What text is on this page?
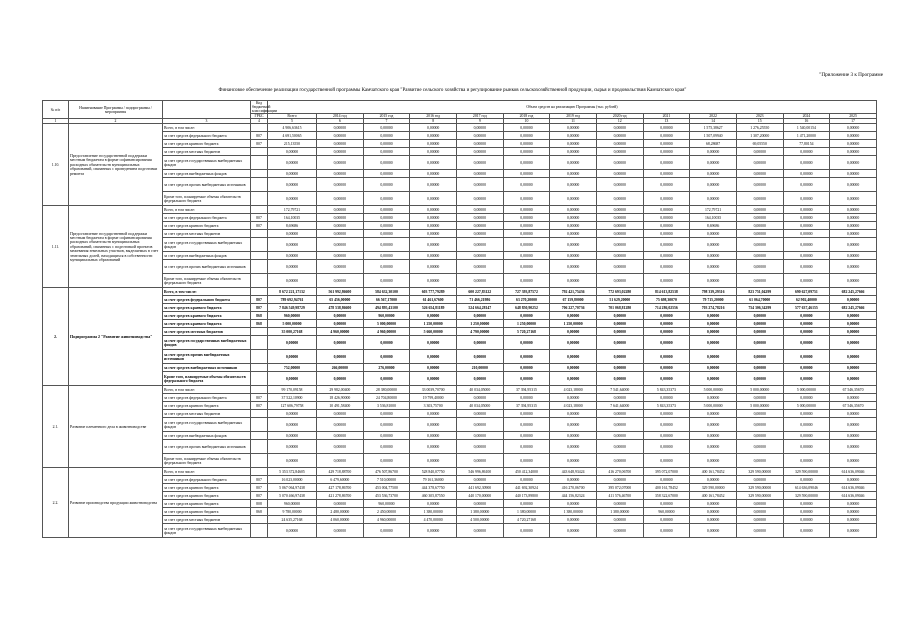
"Приложение 3 к Программе
Финансовое обеспечение реализации государственной программы Камчатского края "Развитие сельского хозяйства и регулирование рынков сельскохозяйственной продукции, сырья и продовольствия Камчатского края"
№ п/п	Наименование Программы / подпрограммы / мероприятия		Код бюджетной классификации	Объем средств на реализацию Программы (тыс. рублей)												
			ГРБС	Всего	2014 год	2015 год	2016 год	2017 год	2018 год	2019 год	2020 год	2021	2022	2023	2024	2025
1	2	3	4	5	6	7	8	9	10	11	12	13	14	15	16	17
1.10.	Предоставление государственной поддержки местным бюджетам в форме софинансирования расходных обязательств муниципальных образований, связанных с проведением подготовки ремонта	Всего, в том числе:		4 906,63615	0,00000	0,00000	0,00000	0,00000	0,00000	0,00000	0,00000	0,00000	1 575,38627	1 276,25550	1 540,00154	0,00000
		за счет средств федерального бюджета	807	4 691,50065	0,00000	0,00000	0,00000	0,00000	0,00000	0,00000	0,00000	0,00000	1 507,09940	1 307,20000	1 471,20000	0,00000
		за счет средств краевого бюджета	807	215,13550	0,00000	0,00000	0,00000	0,00000	0,00000	0,00000	0,00000	0,00000	68,28687	69,05550	77,80154	0,00000
		за счет средств местных бюджетов		0,00000	0,00000	0,00000	0,00000	0,00000	0,00000	0,00000	0,00000	0,00000	0,00000	0,00000	0,00000	0,00000
		за счет средств государственных внебюджетных фондов		0,00000	0,00000	0,00000	0,00000	0,00000	0,00000	0,00000	0,00000	0,00000	0,00000	0,00000	0,00000	0,00000
		за счет средств внебюджетных фондов		0,00000	0,00000	0,00000	0,00000	0,00000	0,00000	0,00000	0,00000	0,00000	0,00000	0,00000	0,00000	0,00000
		за счет средств прочих внебюджетных источников		0,00000	0,00000	0,00000	0,00000	0,00000	0,00000	0,00000	0,00000	0,00000	0,00000	0,00000	0,00000	0,00000
		Кроме того, планируемые объемы обязательств федерального бюджета		0,00000	0,00000	0,00000	0,00000	0,00000	0,00000	0,00000	0,00000	0,00000	0,00000	0,00000	0,00000	0,00000
1.11.	Предоставление государственной поддержки местным бюджетам в форме софинансирования расходных обязательств муниципальных образований, связанных с подготовкой проектов межевания земельных участков, выделяемых в счет земельных долей, находящихся в собственности муниципальных образований	Всего, в том числе:		172,79721	0,00000	0,00000	0,00000	0,00000	0,00000	0,00000	0,00000	0,00000	172,79721	0,00000	0,00000	0,00000
		за счет средств федерального бюджета	807	164,10035	0,00000	0,00000	0,00000	0,00000	0,00000	0,00000	0,00000	0,00000	164,10035	0,00000	0,00000	0,00000
		за счет средств краевого бюджета	807	8,69686	0,00000	0,00000	0,00000	0,00000	0,00000	0,00000	0,00000	0,00000	8,69686	0,00000	0,00000	0,00000
		за счет средств местных бюджетов		0,00000	0,00000	0,00000	0,00000	0,00000	0,00000	0,00000	0,00000	0,00000	0,00000	0,00000	0,00000	0,00000
		за счет средств государственных внебюджетных фондов		0,00000	0,00000	0,00000	0,00000	0,00000	0,00000	0,00000	0,00000	0,00000	0,00000	0,00000	0,00000	0,00000
		за счет средств внебюджетных фондов		0,00000	0,00000	0,00000	0,00000	0,00000	0,00000	0,00000	0,00000	0,00000	0,00000	0,00000	0,00000	0,00000
		за счет средств прочих внебюджетных источников		0,00000	0,00000	0,00000	0,00000	0,00000	0,00000	0,00000	0,00000	0,00000	0,00000	0,00000	0,00000	0,00000
		Кроме того, планируемые объемы обязательств федерального бюджета		0,00000	0,00000	0,00000	0,00000	0,00000	0,00000	0,00000	0,00000	0,00000	0,00000	0,00000	0,00000	0,00000
2.	Подпрограмма 2 "Развитие животноводства"	Всего, в том числе:		8 672 221,17132	561 992,86600	584 632,30100	603 777,79289	600 227,83122	727 393,87572	792 421,75436	772 693,02280	814 613,82538	798 339,29316	823 751,04299	690 627,09751	682 245,27666
		за счет средств федерального бюджета	807	789 692,94761	65 456,00000	66 567,17000	61 461,67600	71 466,21986	63 270,20000	67 159,80000	51 629,20000	75 698,30070	79 715,20000	61 064,70000	62 902,40000	0,00000
		за счет средств краевого бюджета	807	7 846 549,98729	478 538,86600	494 895,43100	526 654,81189	524 664,28147	648 850,90252	706 227,70736	701 068,81280	714 286,02556	703 274,78216	754 306,34299	577 637,46155	682 245,27666
		за счет средств краевого бюджета	868	960,00000	0,00000	960,00000	0,00000	0,00000	0,00000	0,00000	0,00000	0,00000	0,00000	0,00000	0,00000	0,00000
		за счет средств краевого бюджета	868	5 000,00000	0,00000	5 000,00000	1 250,00000	1 250,00000	1 250,00000	1 250,00000	0,00000	0,00000	0,00000	0,00000	0,00000	0,00000
		за счет средств местных бюджетов		35 000,27168	4 960,00000	4 960,00000	5 660,00000	4 790,00000	5 720,27168	0,00000	0,00000	0,00000	0,00000	0,00000	0,00000	0,00000
		за счет средств государственных внебюджетных фондов		0,00000	0,00000	0,00000	0,00000	0,00000	0,00000	0,00000	0,00000	0,00000	0,00000	0,00000	0,00000	0,00000
		за счет средств прочих внебюджетных источников		0,00000	0,00000	0,00000	0,00000	0,00000	0,00000	0,00000	0,00000	0,00000	0,00000	0,00000	0,00000	0,00000
		за счет средств внебюджетных источников		752,00000	266,00000	276,00000	0,00000	210,00000	0,00000	0,00000	0,00000	0,00000	0,00000	0,00000	0,00000	0,00000
		Кроме того, планируемые объемы обязательств федерального бюджета		0,00000	0,00000	0,00000	0,00000	0,00000	0,00000	0,00000	0,00000	0,00000	0,00000	0,00000	0,00000	0,00000
2.1.	Развитие племенного дела в животноводстве	Всего, в том числе:		99 170,09158	29 982,00400	28 380,00000	33 0039,70700	40 034,05000	37 394,95315	4 023,18000	7 541,64000	5 843,35373	5 000,00000	5 000,00000	5 000,00000	67 546,35670
		за счет средств федерального бюджета	807	37 522,10900	18 426,90000	24 704,80000	19 799,40000	0,00000	0,00000	0,00000	0,00000	0,00000	0,00000	0,00000	0,00000	0,00000
		за счет средств краевого бюджета	807	127 606,79758	10 491,58400	3 536,81000	3 303,75700	40 034,05000	37 394,95315	4 023,18000	7 641,64000	5 843,35373	5 000,00000	5 000,00000	5 000,00000	67 546,35670
		за счет средств местных бюджетов		0,00000	0,00000	0,00000	0,00000	0,00000	0,00000	0,00000	0,00000	0,00000	0,00000	0,00000	0,00000	0,00000
		за счет средств государственных внебюджетных фондов		0,00000	0,00000	0,00000	0,00000	0,00000	0,00000	0,00000	0,00000	0,00000	0,00000	0,00000	0,00000	0,00000
		за счет средств внебюджетных фондов		0,00000	0,00000	0,00000	0,00000	0,00000	0,00000	0,00000	0,00000	0,00000	0,00000	0,00000	0,00000	0,00000
		за счет средств прочих внебюджетных источников		0,00000	0,00000	0,00000	0,00000	0,00000	0,00000	0,00000	0,00000	0,00000	0,00000	0,00000	0,00000	0,00000
		Кроме того, планируемые объемы обязательств федерального бюджета		0,00000	0,00000	0,00000	0,00000	0,00000	0,00000	0,00000	0,00000	0,00000	0,00000	0,00000	0,00000	0,00000
2.2.	Развитие производства продукции животноводства	Всего, в том числе:		5 353 372,84605	429 718,88700	476 507,86700	528 840,07750	546 996,86100	450 412,34000	443 648,93424	416 270,06700	395 072,07000	400 161,78452	329 590,00000	329 590,00000	614 636,09046
		за счет средств федерального бюджета	807	16 023,00000	6 479,60000	7 510,00000	79 161,36000	0,00000	0,00000	0,00000	0,00000	0,00000	0,00000	0,00000	0,00000	0,00000
		за счет средств краевого бюджета	807	5 067 064,97438	427 178,86700	453 004,77500	444 378,67750	441 692,30900	441 692,30924	416 270,06700	395 072,07000	400 161,78452	329 590,00000	329 590,00000	614 636,09046	614 636,09046
		за счет средств краевого бюджета	807	5 070 466,97438	421 278,86700	453 536,73700	460 305,87550	440 170,00000	440 173,89800	444 156,82324	411 576,46700	358 322,67000	400 161,78452	329 590,00000	329 590,00000	614 636,09046
		за счет средств краевого бюджета	808	960,00000	0,00000	960,00000	0,00000	0,00000	0,00000	0,00000	0,00000	0,00000	0,00000	0,00000	0,00000	0,00000
		за счет средств краевого бюджета	868	9 780,00000	2 480,00000	2 450,00000	1 380,00000	1 380,00000	1 380,00000	1 380,00000	1 380,00000	960,00000	0,00000	0,00000	0,00000	0,00000
		за счет средств местных бюджетов		24 635,27168	4 060,00000	4 960,00000	4 470,00000	4 500,00000	4 720,27168	0,00000	0,00000	0,00000	0,00000	0,00000	0,00000	0,00000
		за счет средств государственных внебюджетных фондов		0,00000	0,00000	0,00000	0,00000	0,00000	0,00000	0,00000	0,00000	0,00000	0,00000	0,00000	0,00000	0,00000
